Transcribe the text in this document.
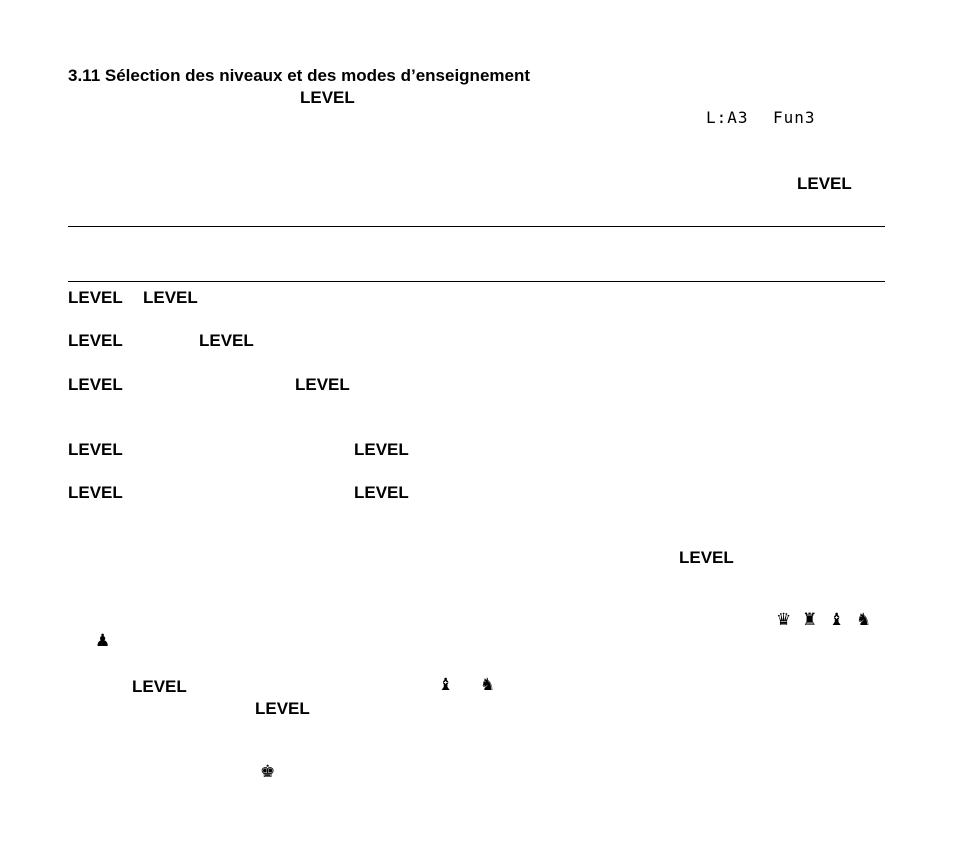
3.11 Sélection des niveaux et des modes d’enseignement
LEVEL
L:A3 Fun3
LEVEL
LEVEL LEVEL
LEVEL	LEVEL
LEVEL	LEVEL
LEVEL	LEVEL
LEVEL	LEVEL
LEVEL
♛ ♜ ♝ ♞
♟
LEVEL	♝ ♞
LEVEL
♚
